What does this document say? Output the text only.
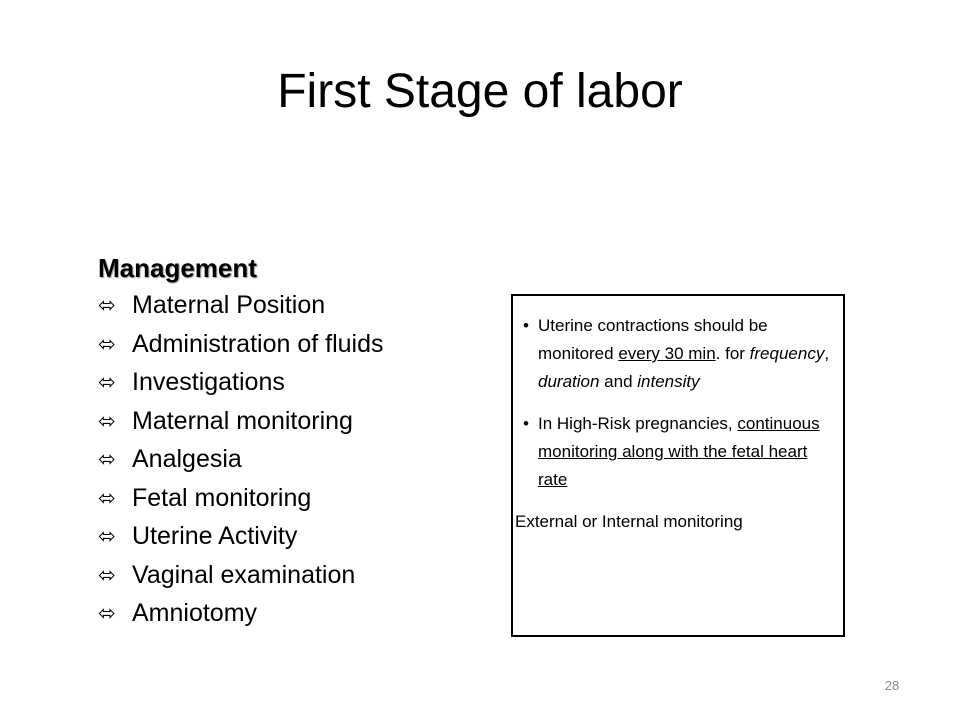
First Stage of labor
Management
⬄ Maternal Position
⬄ Administration of fluids
⬄ Investigations
⬄ Maternal monitoring
⬄ Analgesia
⬄ Fetal monitoring
⬄ Uterine Activity
⬄ Vaginal examination
⬄ Amniotomy

• Uterine contractions should be monitored every 30 min. for frequency, duration and intensity

• In High-Risk pregnancies, continuous monitoring along with the fetal heart rate

External or Internal monitoring
28
